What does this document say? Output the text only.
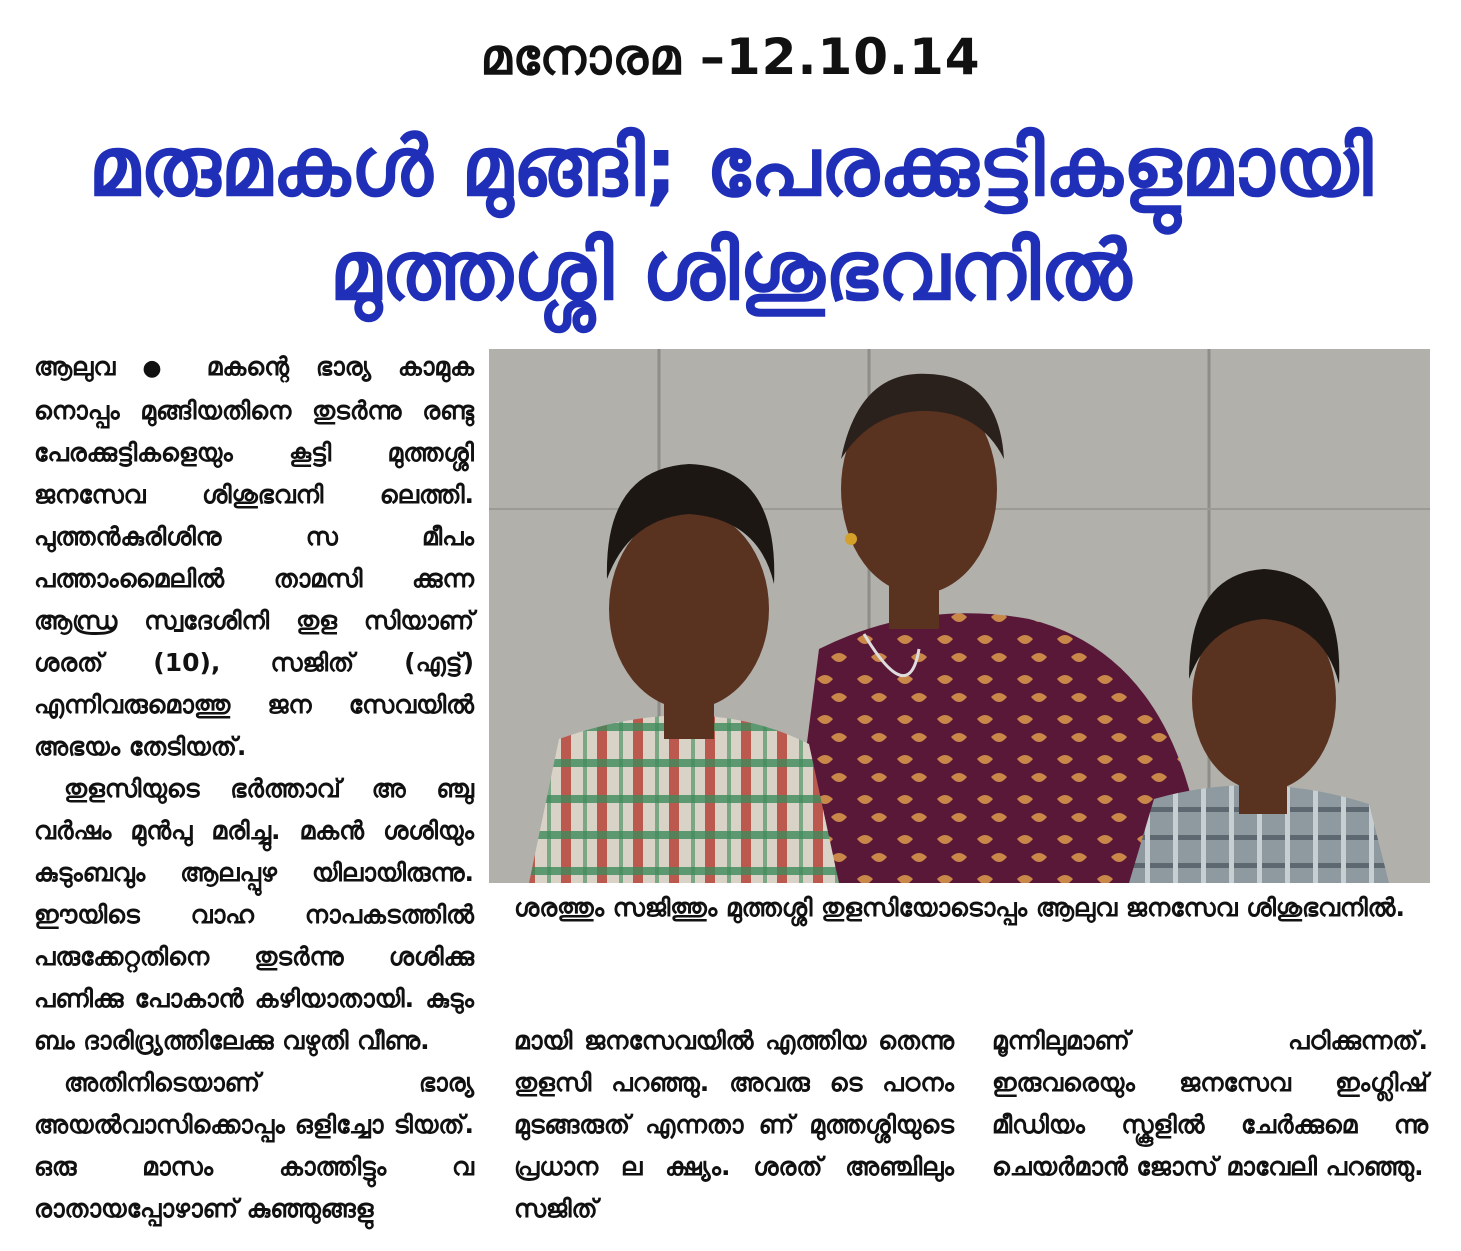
മനോരമ –12.10.14
മരുമകൾ മുങ്ങി; പേരക്കുട്ടികളുമായി
മുത്തശ്ശി ശിശുഭവനിൽ

ആലുവ ● മകന്റെ ഭാര്യ കാമുക നൊപ്പം മുങ്ങിയതിനെ തുടർന്നു രണ്ടു പേരക്കുട്ടികളെയും കൂട്ടി മുത്തശ്ശി ജനസേവ ശിശുഭവനി ലെത്തി. പുത്തൻകുരിശിനു സ മീപം പത്താംമൈലിൽ താമസി ക്കുന്ന ആന്ധ്ര സ്വദേശിനി തുള സിയാണ് ശരത് (10), സജിത് (എട്ട്) എന്നിവരുമൊത്തു ജന സേവയിൽ അഭയം തേടിയത്.

തുളസിയുടെ ഭർത്താവ് അ ഞ്ചു വർഷം മുൻപു മരിച്ചു. മകൻ ശശിയും കുടുംബവും ആലപ്പുഴ യിലായിരുന്നു. ഈയിടെ വാഹ നാപകടത്തിൽ പരുക്കേറ്റതിനെ തുടർന്നു ശശിക്കു പണിക്കു പോകാൻ കഴിയാതായി. കുടും ബം ദാരിദ്ര്യത്തിലേക്കു വഴുതി വീണു.

അതിനിടെയാണ് ഭാര്യ അയൽവാസിക്കൊപ്പം ഒളിച്ചോ ടിയത്. ഒരു മാസം കാത്തിട്ടും വ രാതായപ്പോഴാണ് കുഞ്ഞുങ്ങളു

ശരത്തും സജിത്തും മുത്തശ്ശി തുളസിയോടൊപ്പം ആലുവ ജനസേവ ശിശുഭവനിൽ.

മായി ജനസേവയിൽ എത്തിയ തെന്നു തുളസി പറഞ്ഞു. അവരു ടെ പഠനം മുടങ്ങരുത് എന്നതാ ണ് മുത്തശ്ശിയുടെ പ്രധാന ല ക്ഷ്യം. ശരത് അഞ്ചിലും സജിത്

മൂന്നിലുമാണ് പഠിക്കുന്നത്. ഇരുവരെയും ജനസേവ ഇംഗ്ലിഷ് മീഡിയം സ്കൂളിൽ ചേർക്കുമെ ന്നു ചെയർമാൻ ജോസ് മാവേലി പറഞ്ഞു.
